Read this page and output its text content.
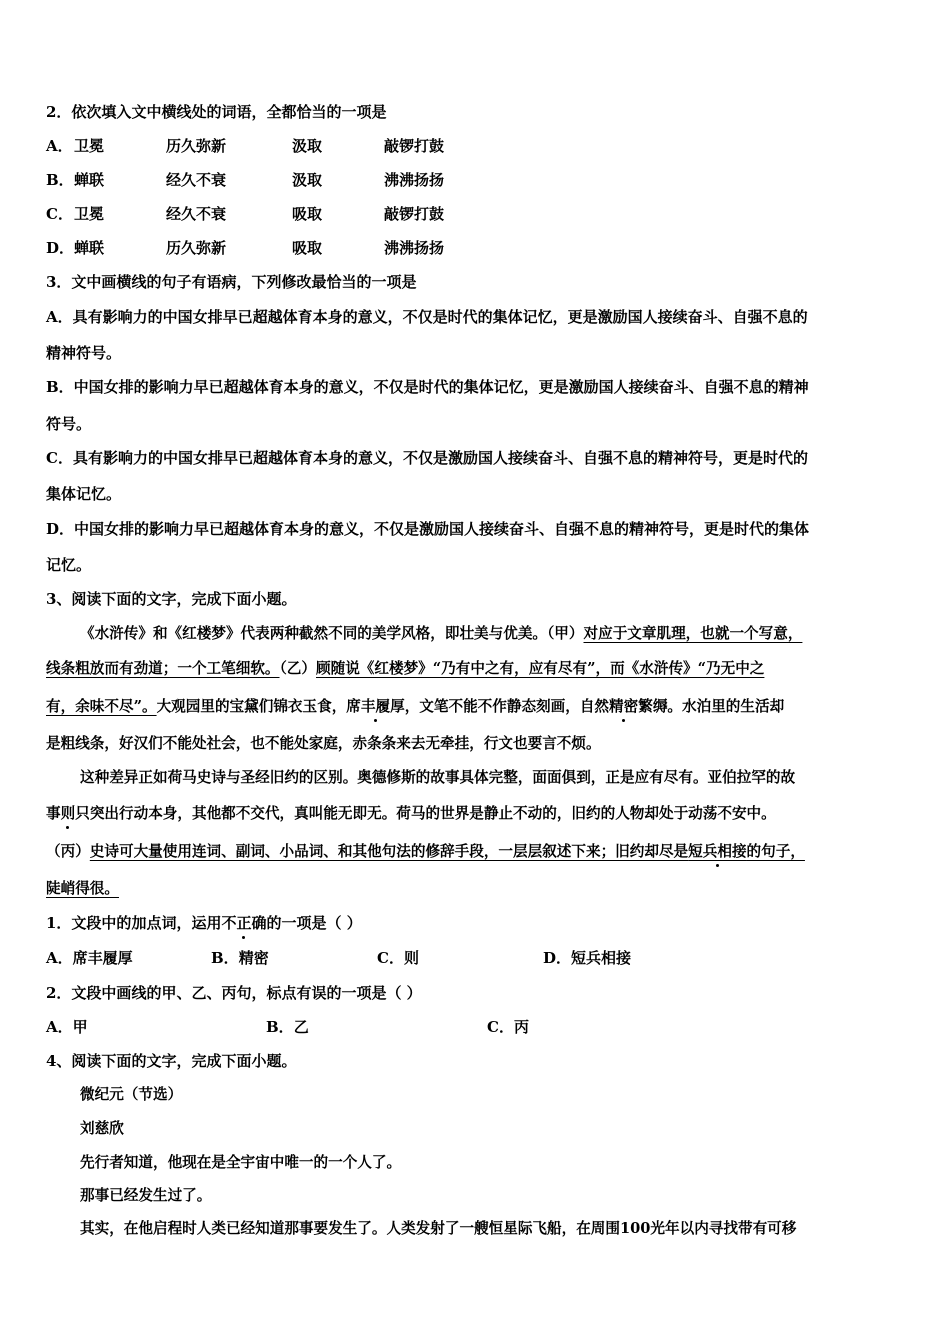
2．依次填入文中横线处的词语，全都恰当的一项是
A．卫冕	历久弥新	汲取	敲锣打鼓
B．蝉联	经久不衰	汲取	沸沸扬扬
C．卫冕	经久不衰	吸取	敲锣打鼓
D．蝉联	历久弥新	吸取	沸沸扬扬
3．文中画横线的句子有语病，下列修改最恰当的一项是
A．具有影响力的中国女排早已超越体育本身的意义，不仅是时代的集体记忆，更是激励国人接续奋斗、自强不息的
精神符号。
B．中国女排的影响力早已超越体育本身的意义，不仅是时代的集体记忆，更是激励国人接续奋斗、自强不息的精神
符号。
C．具有影响力的中国女排早已超越体育本身的意义，不仅是激励国人接续奋斗、自强不息的精神符号，更是时代的
集体记忆。
D．中国女排的影响力早已超越体育本身的意义，不仅是激励国人接续奋斗、自强不息的精神符号，更是时代的集体
记忆。
3、阅读下面的文字，完成下面小题。
《水浒传》和《红楼梦》代表两种截然不同的美学风格，即壮美与优美。（甲）对应于文章肌理，也就一个写意，
线条粗放而有劲道；一个工笔细软。（乙）顾随说《红楼梦》“乃有中之有，应有尽有”，而《水浒传》“乃无中之
有，余味不尽”。大观园里的宝黛们锦衣玉食，席丰履厚，文笔不能不作静态刻画，自然精密繁缛。水泊里的生活却
是粗线条，好汉们不能处社会，也不能处家庭，赤条条来去无牵挂，行文也要言不烦。
这种差异正如荷马史诗与圣经旧约的区别。奥德修斯的故事具体完整，面面俱到，正是应有尽有。亚伯拉罕的故
事则只突出行动本身，其他都不交代，真叫能无即无。荷马的世界是静止不动的，旧约的人物却处于动荡不安中。
（丙）史诗可大量使用连词、副词、小品词、和其他句法的修辞手段，一层层叙述下来；旧约却尽是短兵相接的句子，
陡峭得很。
1．文段中的加点词，运用不正确的一项是（ ）
A．席丰履厚	B．精密	C．则	D．短兵相接
2．文段中画线的甲、乙、丙句，标点有误的一项是（ ）
A．甲	B．乙	C．丙
4、阅读下面的文字，完成下面小题。
微纪元（节选）
刘慈欣
先行者知道，他现在是全宇宙中唯一的一个人了。
那事已经发生过了。
其实，在他启程时人类已经知道那事要发生了。人类发射了一艘恒星际飞船，在周围100光年以内寻找带有可移
